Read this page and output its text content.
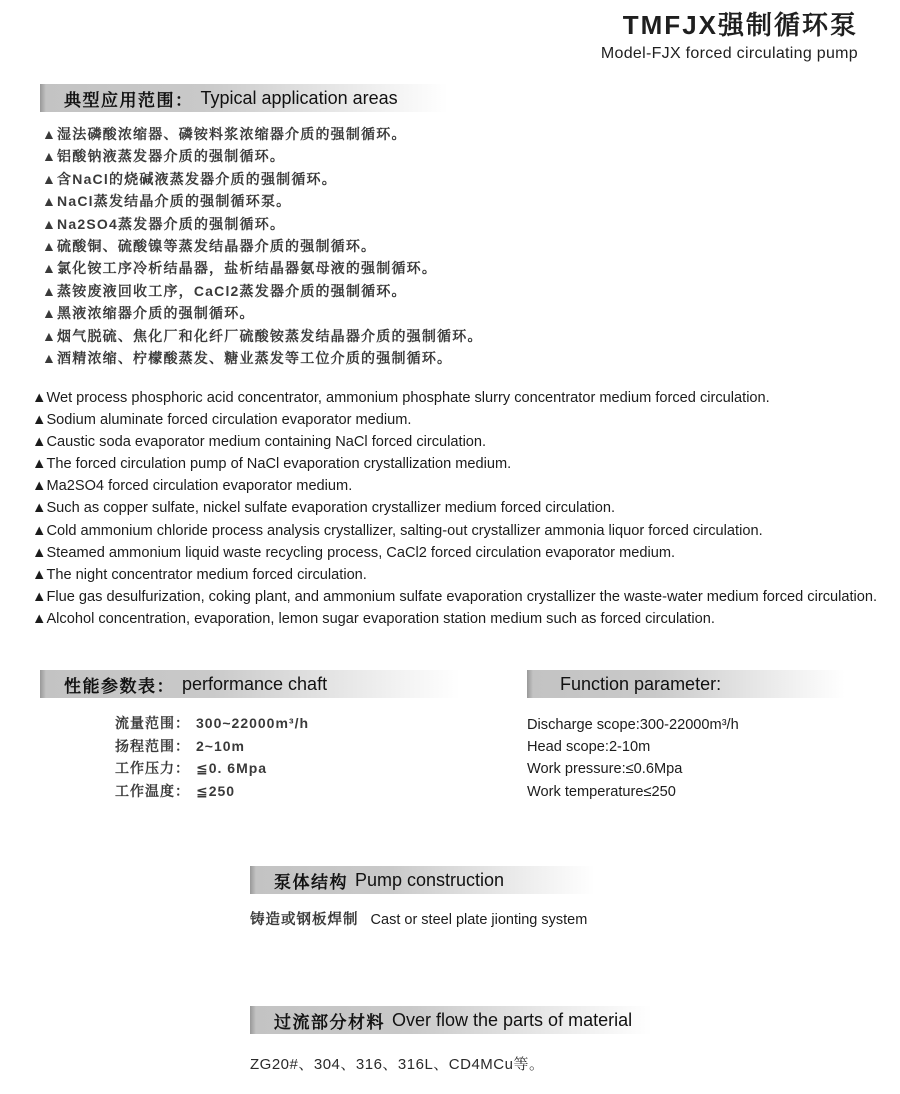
TMFJX强制循环泵
Model-FJX forced circulating pump
典型应用范围： Typical application areas
▲湿法磷酸浓缩器、磷铵料浆浓缩器介质的强制循环。
▲铝酸钠液蒸发器介质的强制循环。
▲含NaCl的烧碱液蒸发器介质的强制循环。
▲NaCl蒸发结晶介质的强制循环泵。
▲Na2SO4蒸发器介质的强制循环。
▲硫酸铜、硫酸镍等蒸发结晶器介质的强制循环。
▲氯化铵工序冷析结晶器，盐析结晶器氨母液的强制循环。
▲蒸铵废液回收工序，CaCl2蒸发器介质的强制循环。
▲黑液浓缩器介质的强制循环。
▲烟气脱硫、焦化厂和化纤厂硫酸铵蒸发结晶器介质的强制循环。
▲酒精浓缩、柠檬酸蒸发、糖业蒸发等工位介质的强制循环。
▲Wet process phosphoric acid concentrator, ammonium phosphate slurry concentrator medium forced circulation.
▲Sodium aluminate forced circulation evaporator medium.
▲Caustic soda evaporator medium containing NaCl forced circulation.
▲The forced circulation pump of NaCl evaporation crystallization medium.
▲Ma2SO4 forced circulation evaporator medium.
▲Such as copper sulfate, nickel sulfate evaporation crystallizer medium forced circulation.
▲Cold ammonium chloride process analysis crystallizer, salting-out crystallizer ammonia liquor forced circulation.
▲Steamed ammonium liquid waste recycling process, CaCl2 forced circulation evaporator medium.
▲The night concentrator medium forced circulation.
▲Flue gas desulfurization, coking plant, and ammonium sulfate evaporation crystallizer the waste-water medium forced circulation.
▲Alcohol concentration, evaporation, lemon sugar evaporation station medium such as forced circulation.
性能参数表： performance chaft	Function parameter:
流量范围： 300~22000m³/h
扬程范围： 2~10m
工作压力： ≦0. 6Mpa
工作温度： ≦250
Discharge scope:300-22000m³/h
Head scope:2-10m
Work pressure:≤0.6Mpa
Work temperature≤250
泵体结构 Pump construction
铸造或钢板焊制 Cast or steel plate jionting system
过流部分材料 Over flow the parts of material
ZG20#、304、316、316L、CD4MCu等。
